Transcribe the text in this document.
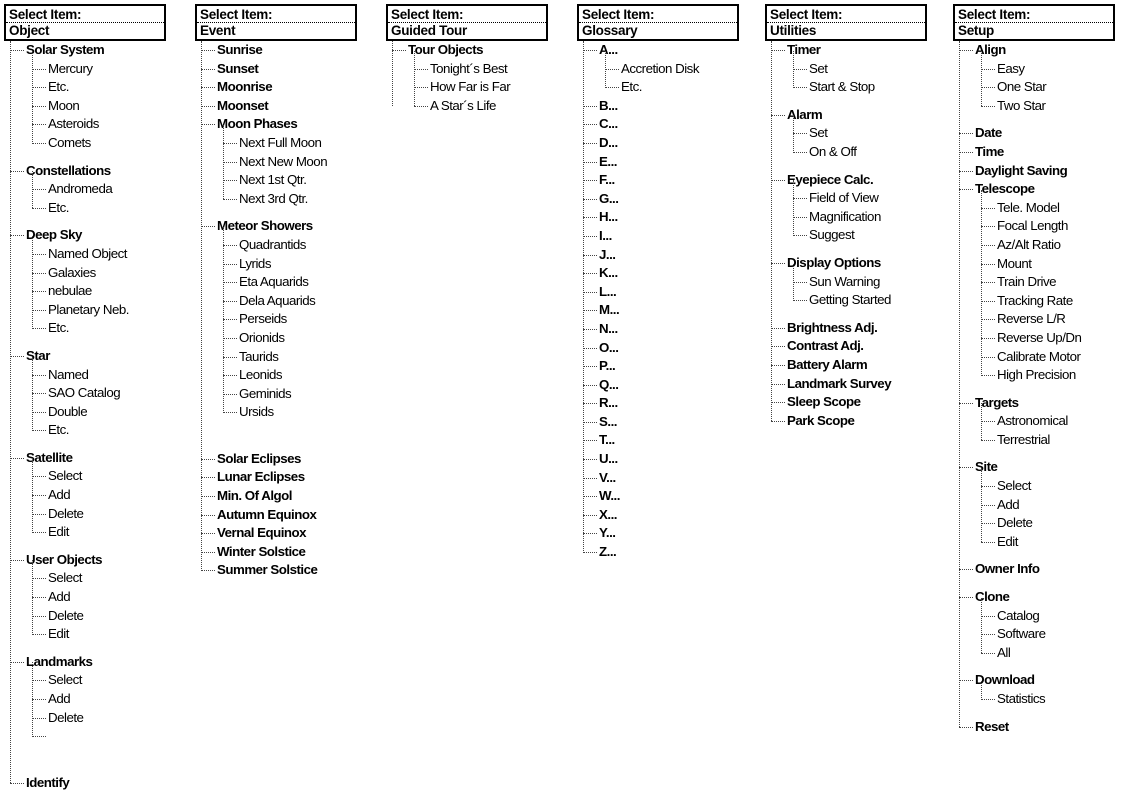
Select Item:
Object
Solar System
Mercury
Etc.
Moon
Asteroids
Comets
Constellations
Andromeda
Etc.
Deep Sky
Named Object
Galaxies
nebulae
Planetary Neb.
Etc.
Star
Named
SAO Catalog
Double
Etc.
Satellite
Select
Add
Delete
Edit
User Objects
Select
Add
Delete
Edit
Landmarks
Select
Add
Delete
Identify
Select Item:
Event
Sunrise
Sunset
Moonrise
Moonset
Moon Phases
Next Full Moon
Next New Moon
Next 1st Qtr.
Next 3rd Qtr.
Meteor Showers
Quadrantids
Lyrids
Eta Aquarids
Dela Aquarids
Perseids
Orionids
Taurids
Leonids
Geminids
Ursids
Solar Eclipses
Lunar Eclipses
Min. Of Algol
Autumn Equinox
Vernal Equinox
Winter Solstice
Summer Solstice
Select Item:
Guided Tour
Tour Objects
Tonight´s Best
How Far is Far
A Star´s Life
Select Item:
Glossary
A...
Accretion Disk
Etc.
B...
C...
D...
E...
F...
G...
H...
I...
J...
K...
L...
M...
N...
O...
P...
Q...
R...
S...
T...
U...
V...
W...
X...
Y...
Z...
Select Item:
Utilities
Timer
Set
Start & Stop
Alarm
Set
On & Off
Eyepiece Calc.
Field of View
Magnification
Suggest
Display Options
Sun Warning
Getting Started
Brightness Adj.
Contrast Adj.
Battery Alarm
Landmark Survey
Sleep Scope
Park Scope
Select Item:
Setup
Align
Easy
One Star
Two Star
Date
Time
Daylight Saving
Telescope
Tele. Model
Focal Length
Az/Alt Ratio
Mount
Train Drive
Tracking Rate
Reverse L/R
Reverse Up/Dn
Calibrate Motor
High Precision
Targets
Astronomical
Terrestrial
Site
Select
Add
Delete
Edit
Owner Info
Clone
Catalog
Software
All
Download
Statistics
Reset
